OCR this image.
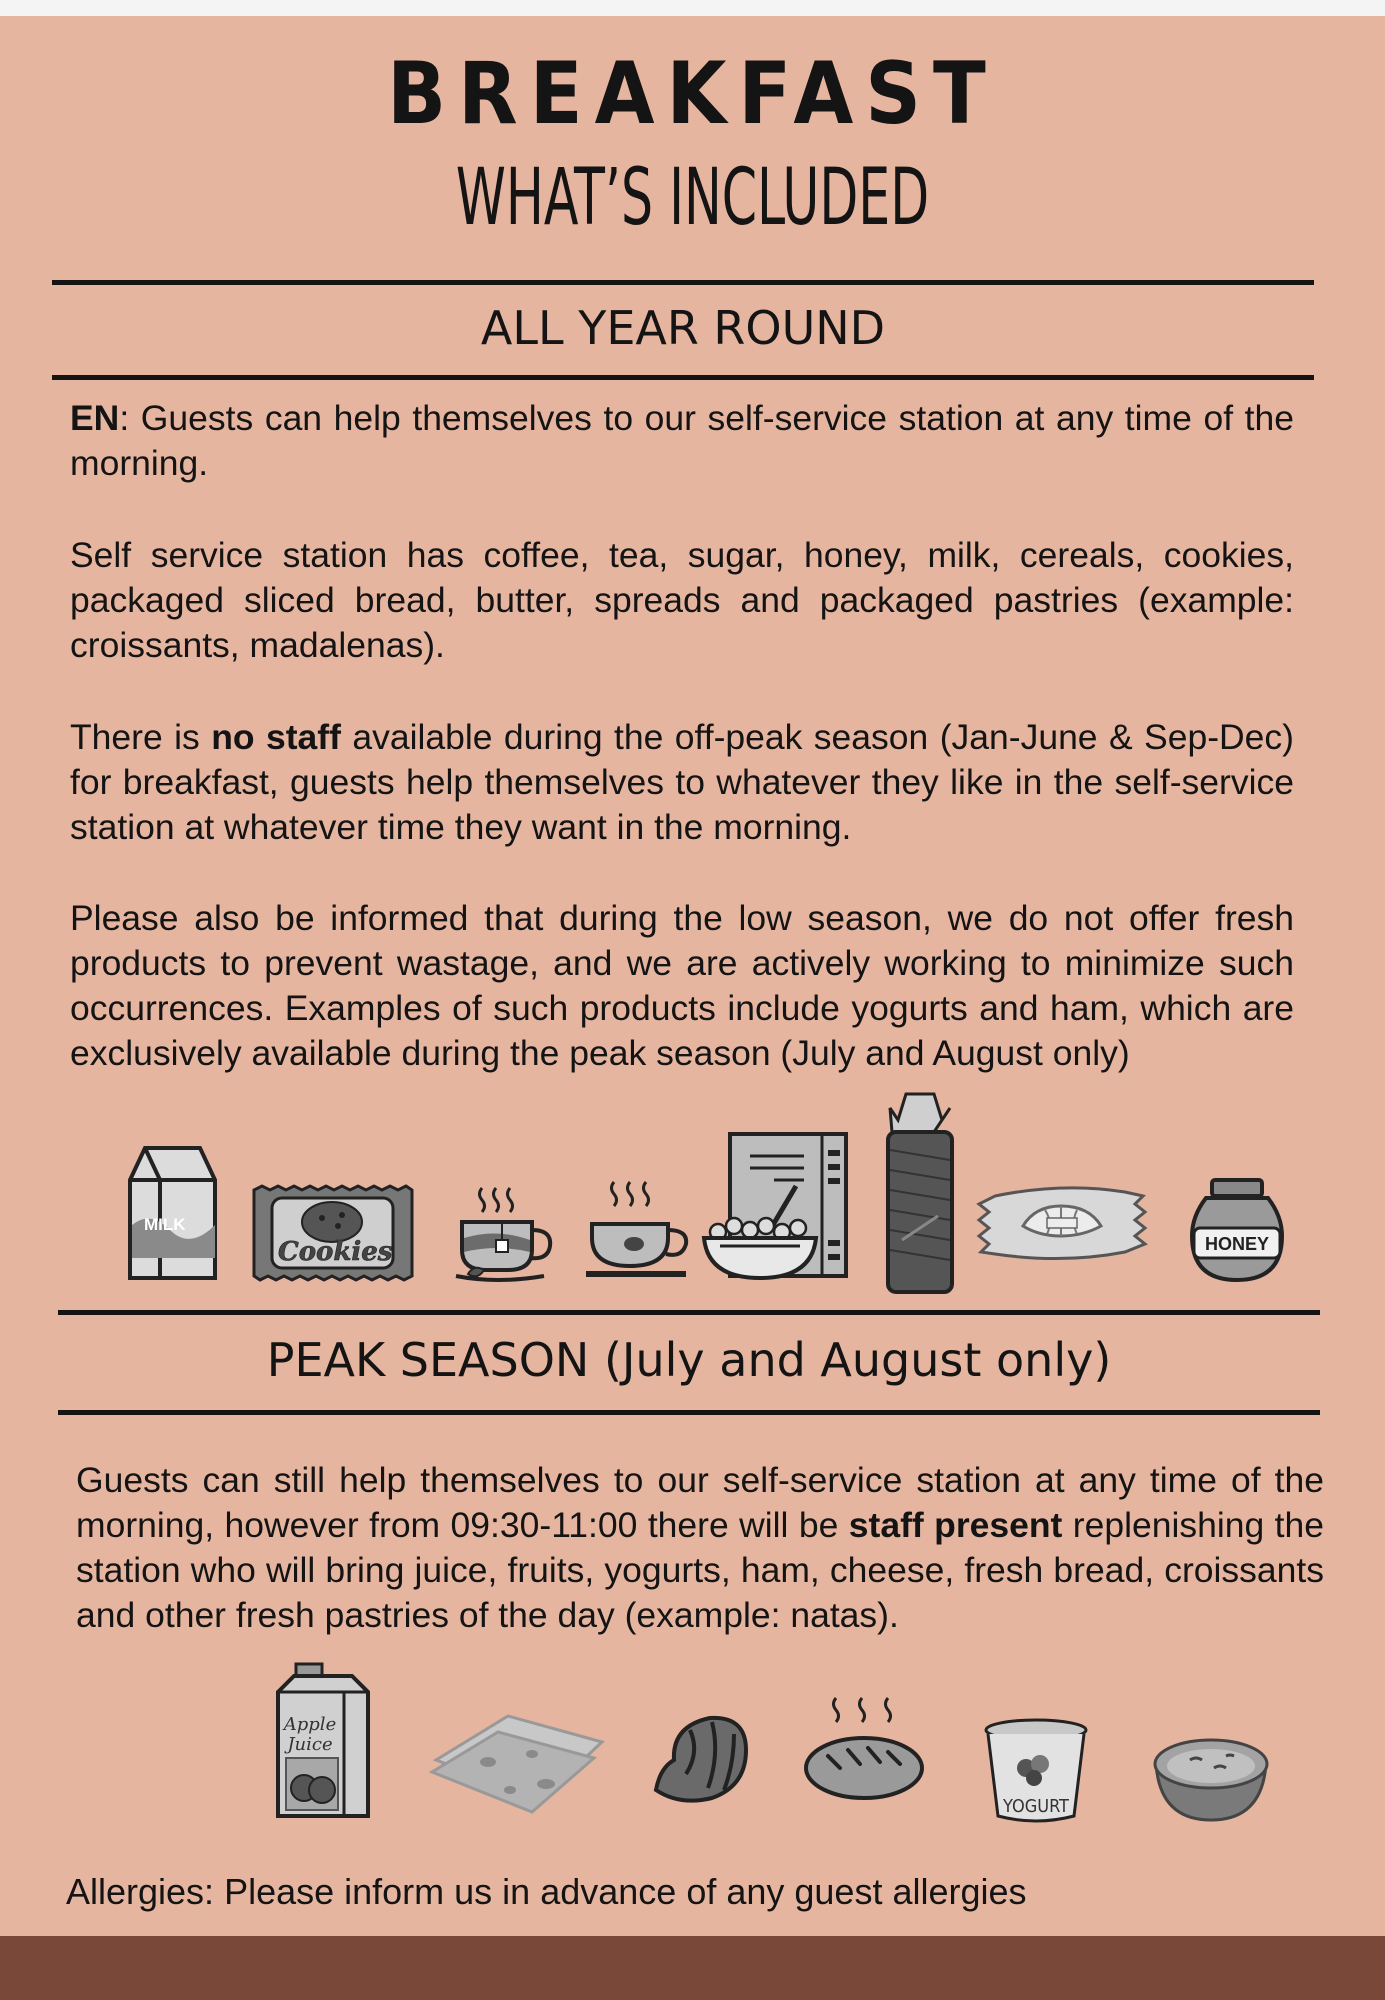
BREAKFAST
WHAT’S INCLUDED
ALL YEAR ROUND
EN: Guests can help themselves to our self-service station at any time of the morning.
Self service station has coffee, tea, sugar, honey, milk, cereals, cookies, packaged sliced bread, butter, spreads and packaged pastries (example: croissants, madalenas).
There is no staff available during the off-peak season (Jan-June & Sep-Dec) for breakfast, guests help themselves to whatever they like in the self-service station at whatever time they want in the morning.
Please also be informed that during the low season, we do not offer fresh products to prevent wastage, and we are actively working to minimize such occurrences. Examples of such products include yogurts and ham, which are exclusively available during the peak season (July and August only)
MILK
Cookies	HONEY
PEAK SEASON (July and August only)
Guests can still help themselves to our self-service station at any time of the morning, however from 09:30-11:00 there will be staff present replenishing the station who will bring juice, fruits, yogurts, ham, cheese, fresh bread, croissants and other fresh pastries of the day (example: natas).
Apple
Juice
YOGURT
Allergies: Please inform us in advance of any guest allergies
